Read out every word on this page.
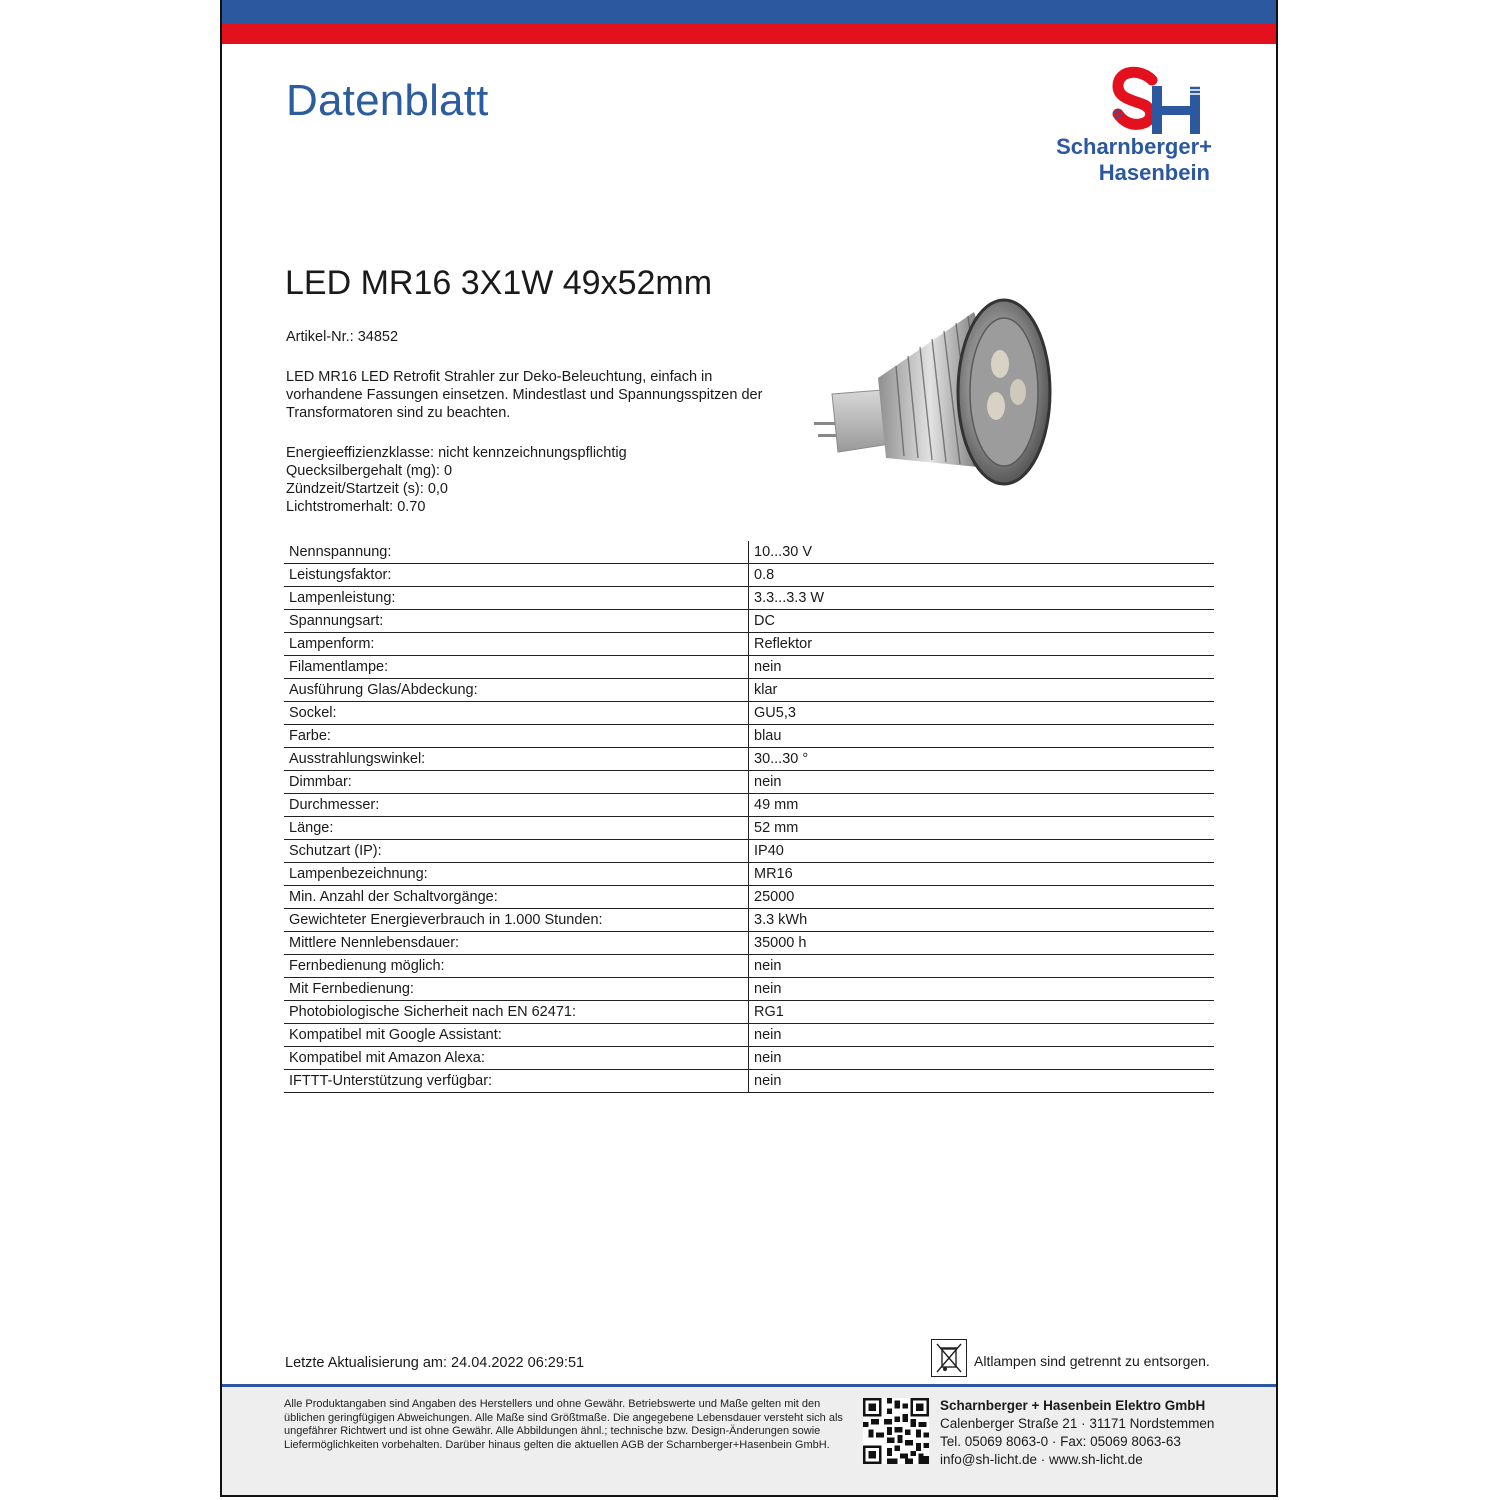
Datenblatt
Scharnberger+
Hasenbein
LED MR16 3X1W 49x52mm
Artikel-Nr.: 34852
LED MR16 LED Retrofit Strahler zur Deko-Beleuchtung, einfach in vorhandene Fassungen einsetzen. Mindestlast und Spannungsspitzen der Transformatoren sind zu beachten.
Energieeffizienzklasse: nicht kennzeichnungspflichtig
Quecksilbergehalt (mg): 0
Zündzeit/Startzeit (s): 0,0
Lichtstromerhalt: 0.70
Nennspannung:	10...30 V
Leistungsfaktor:	0.8
Lampenleistung:	3.3...3.3 W
Spannungsart:	DC
Lampenform:	Reflektor
Filamentlampe:	nein
Ausführung Glas/Abdeckung:	klar
Sockel:	GU5,3
Farbe:	blau
Ausstrahlungswinkel:	30...30 °
Dimmbar:	nein
Durchmesser:	49 mm
Länge:	52 mm
Schutzart (IP):	IP40
Lampenbezeichnung:	MR16
Min. Anzahl der Schaltvorgänge:	25000
Gewichteter Energieverbrauch in 1.000 Stunden:	3.3 kWh
Mittlere Nennlebensdauer:	35000 h
Fernbedienung möglich:	nein
Mit Fernbedienung:	nein
Photobiologische Sicherheit nach EN 62471:	RG1
Kompatibel mit Google Assistant:	nein
Kompatibel mit Amazon Alexa:	nein
IFTTT-Unterstützung verfügbar:	nein
Letzte Aktualisierung am: 24.04.2022 06:29:51	Altlampen sind getrennt zu entsorgen.
Alle Produktangaben sind Angaben des Herstellers und ohne Gewähr. Betriebswerte und Maße gelten mit den üblichen geringfügigen Abweichungen. Alle Maße sind Größtmaße. Die angegebene Lebensdauer versteht sich als ungefährer Richtwert und ist ohne Gewähr. Alle Abbildungen ähnl.; technische bzw. Design-Änderungen sowie Liefermöglichkeiten vorbehalten. Darüber hinaus gelten die aktuellen AGB der Scharnberger+Hasenbein GmbH.
Scharnberger + Hasenbein Elektro GmbH
Calenberger Straße 21 · 31171 Nordstemmen
Tel. 05069 8063-0 · Fax: 05069 8063-63
info@sh-licht.de · www.sh-licht.de
